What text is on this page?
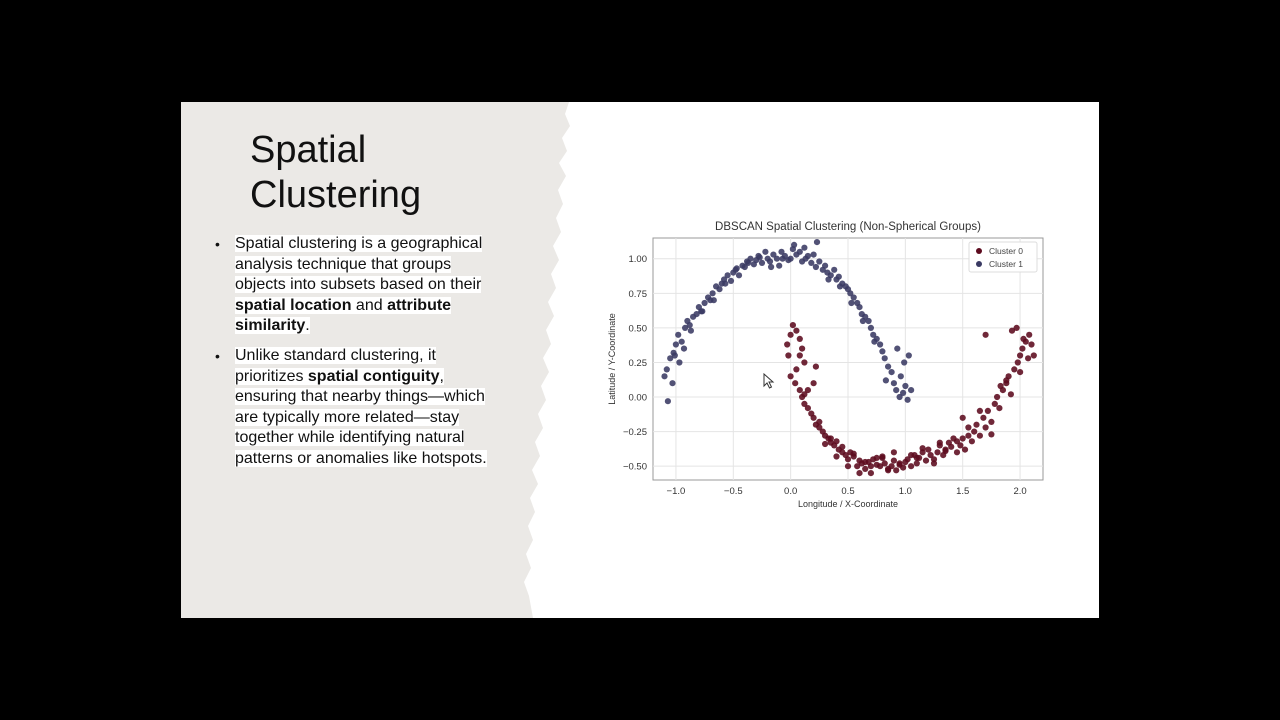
Spatial
Clustering
• Spatial clustering is a geographical analysis technique that groups objects into subsets based on their spatial location and attribute similarity.
• Unlike standard clustering, it prioritizes spatial contiguity, ensuring that nearby things—which are typically more related—stay together while identifying natural patterns or anomalies like hotspots.
−1.0	−0.5	0.0	0.5	1.0	1.5	2.0
−0.50
−0.25
0.00
0.25
0.50
0.75
1.00
DBSCAN Spatial Clustering (Non-Spherical Groups)
Longitude / X-Coordinate
Latitude / Y-Coordinate
Cluster 0
Cluster 1
